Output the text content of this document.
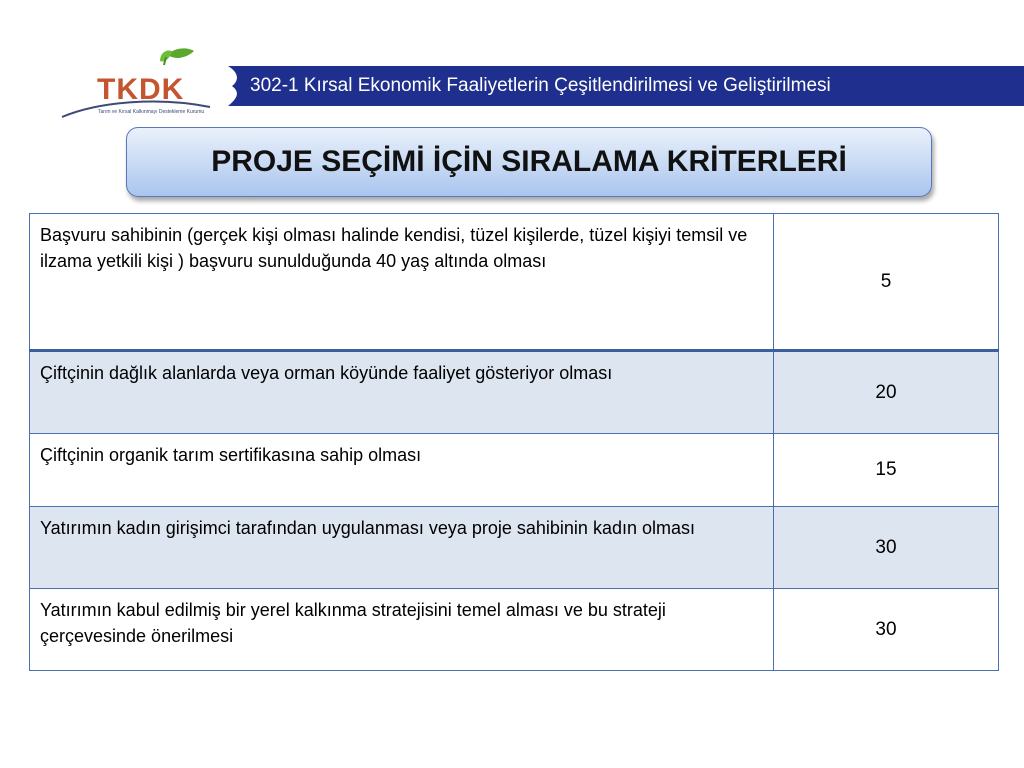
TKDK
Tarım ve Kırsal Kalkınmayı Destekleme Kurumu
302-1 Kırsal Ekonomik Faaliyetlerin Çeşitlendirilmesi ve Geliştirilmesi
PROJE SEÇİMİ İÇİN SIRALAMA KRİTERLERİ
Başvuru sahibinin (gerçek kişi olması halinde kendisi, tüzel kişilerde, tüzel kişiyi temsil ve ilzama yetkili kişi ) başvuru sunulduğunda 40 yaş altında olması	5
Çiftçinin dağlık alanlarda veya orman köyünde faaliyet gösteriyor olması	20
Çiftçinin organik tarım sertifikasına sahip olması	15
Yatırımın kadın girişimci tarafından uygulanması veya proje sahibinin kadın olması	30
Yatırımın kabul edilmiş bir yerel kalkınma stratejisini temel alması ve bu strateji çerçevesinde önerilmesi	30
